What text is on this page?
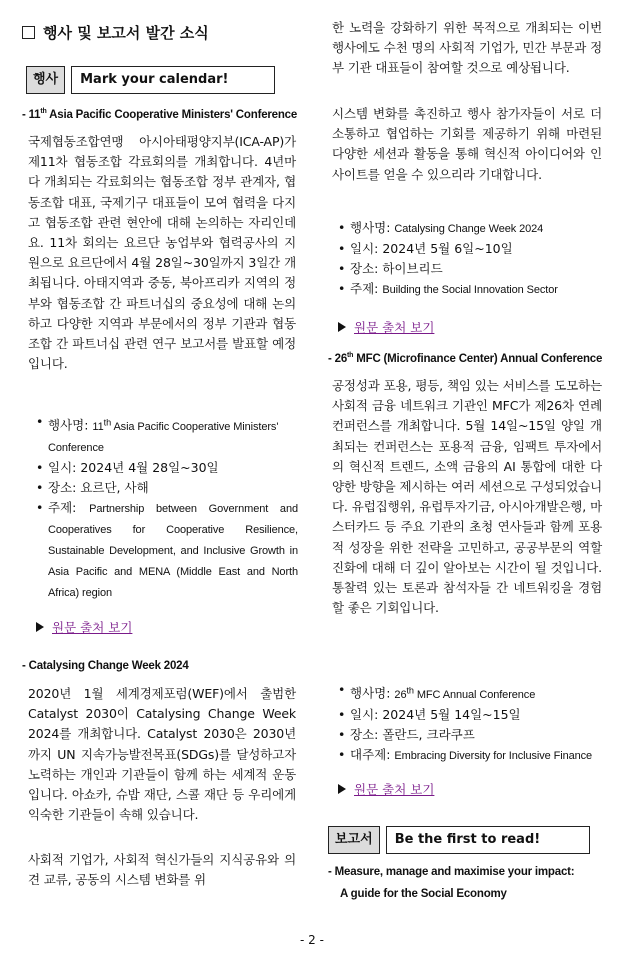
행사 및 보고서 발간 소식
행사	Mark your calendar!
- 11th Asia Pacific Cooperative Ministers' Conference
국제협동조합연맹 아시아태평양지부(ICA-AP)가 제11차 협동조합 각료회의를 개최합니다. 4년마다 개최되는 각료회의는 협동조합 정부 관계자, 협동조합 대표, 국제기구 대표들이 모여 협력을 다지고 협동조합 관련 현안에 대해 논의하는 자리인데요. 11차 회의는 요르단 농업부와 협력공사의 지원으로 요르단에서 4월 28일~30일까지 3일간 개최됩니다. 아태지역과 중동, 북아프리카 지역의 정부와 협동조합 간 파트너십의 중요성에 대해 논의하고 다양한 지역과 부문에서의 정부 기관과 협동조합 간 파트너십 관련 연구 보고서를 발표할 예정입니다.
• 행사명: 11th Asia Pacific Cooperative Ministers' Conference
• 일시: 2024년 4월 28일~30일
• 장소: 요르단, 사해
• 주제: Partnership between Government and Cooperatives for Cooperative Resilience, Sustainable Development, and Inclusive Growth in Asia Pacific and MENA (Middle East and North Africa) region
원문 출처 보기
- Catalysing Change Week 2024
2020년 1월 세계경제포럼(WEF)에서 출범한 Catalyst 2030이 Catalysing Change Week 2024를 개최합니다. Catalyst 2030은 2030년까지 UN 지속가능발전목표(SDGs)를 달성하고자 노력하는 개인과 기관들이 함께 하는 세계적 운동입니다. 아쇼카, 슈밥 재단, 스콜 재단 등 우리에게 익숙한 기관들이 속해 있습니다.
사회적 기업가, 사회적 혁신가들의 지식공유와 의견 교류, 공동의 시스템 변화를 위
한 노력을 강화하기 위한 목적으로 개최되는 이번 행사에도 수천 명의 사회적 기업가, 민간 부문과 정부 기관 대표들이 참여할 것으로 예상됩니다.
시스템 변화를 촉진하고 행사 참가자들이 서로 더 소통하고 협업하는 기회를 제공하기 위해 마련된 다양한 세션과 활동을 통해 혁신적 아이디어와 인사이트를 얻을 수 있으리라 기대합니다.
• 행사명: Catalysing Change Week 2024
• 일시: 2024년 5월 6일~10일
• 장소: 하이브리드
• 주제: Building the Social Innovation Sector
원문 출처 보기
- 26th MFC (Microfinance Center) Annual Conference
공정성과 포용, 평등, 책임 있는 서비스를 도모하는 사회적 금융 네트워크 기관인 MFC가 제26차 연례 컨퍼런스를 개최합니다. 5월 14일~15일 양일 개최되는 컨퍼런스는 포용적 금융, 임팩트 투자에서의 혁신적 트렌드, 소액 금융의 AI 통합에 대한 다양한 방향을 제시하는 여러 세션으로 구성되었습니다. 유럽집행위, 유럽투자기금, 아시아개발은행, 마스터카드 등 주요 기관의 초청 연사들과 함께 포용적 성장을 위한 전략을 고민하고, 공공부문의 역할 진화에 대해 더 깊이 알아보는 시간이 될 것입니다. 통찰력 있는 토론과 참석자들 간 네트워킹을 경험할 좋은 기회입니다.
• 행사명: 26th MFC Annual Conference
• 일시: 2024년 5월 14일~15일
• 장소: 폴란드, 크라쿠프
• 대주제: Embracing Diversity for Inclusive Finance
원문 출처 보기
보고서	Be the first to read!
- Measure, manage and maximise your impact:
A guide for the Social Economy
- 2 -
